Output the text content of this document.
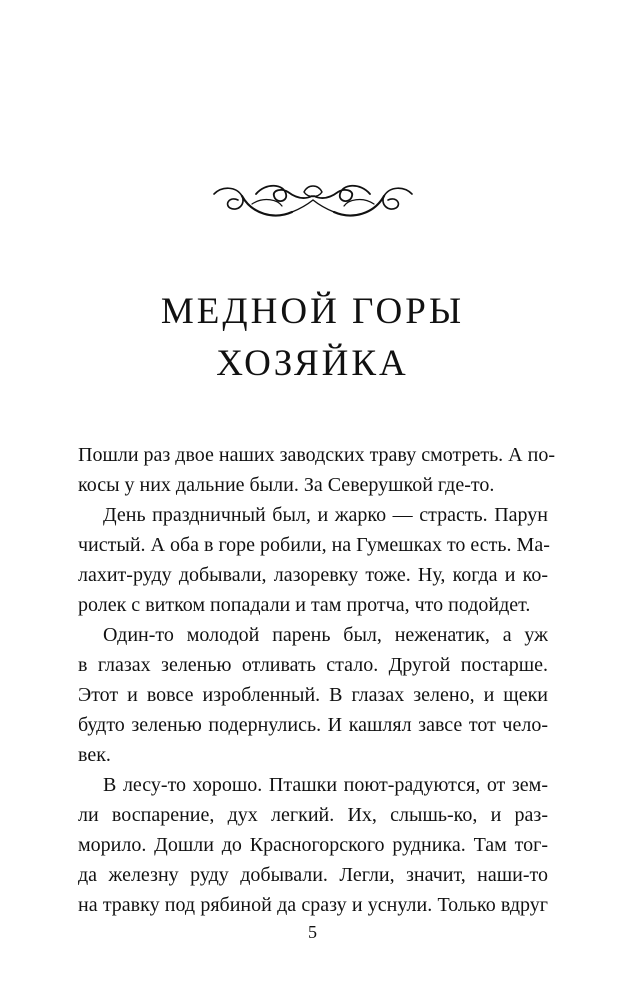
МЕДНОЙ ГОРЫ
ХОЗЯЙКА
Пошли раз двое наших заводских траву смотреть. А по-
косы у них дальние были. За Северушкой где-то.
День праздничный был, и жарко — страсть. Парун
чистый. А оба в горе робили, на Гумешках то есть. Ма-
лахит-руду добывали, лазоревку тоже. Ну, когда и ко-
ролек с витком попадали и там протча, что подойдет.
Один-то молодой парень был, неженатик, а уж
в глазах зеленью отливать стало. Другой постарше.
Этот и вовсе изробленный. В глазах зелено, и щеки
будто зеленью подернулись. И кашлял завсе тот чело-
век.
В лесу-то хорошо. Пташки поют-радуются, от зем-
ли воспарение, дух легкий. Их, слышь-ко, и раз-
морило. Дошли до Красногорского рудника. Там тог-
да железну руду добывали. Легли, значит, наши-то
на травку под рябиной да сразу и уснули. Только вдруг
5
